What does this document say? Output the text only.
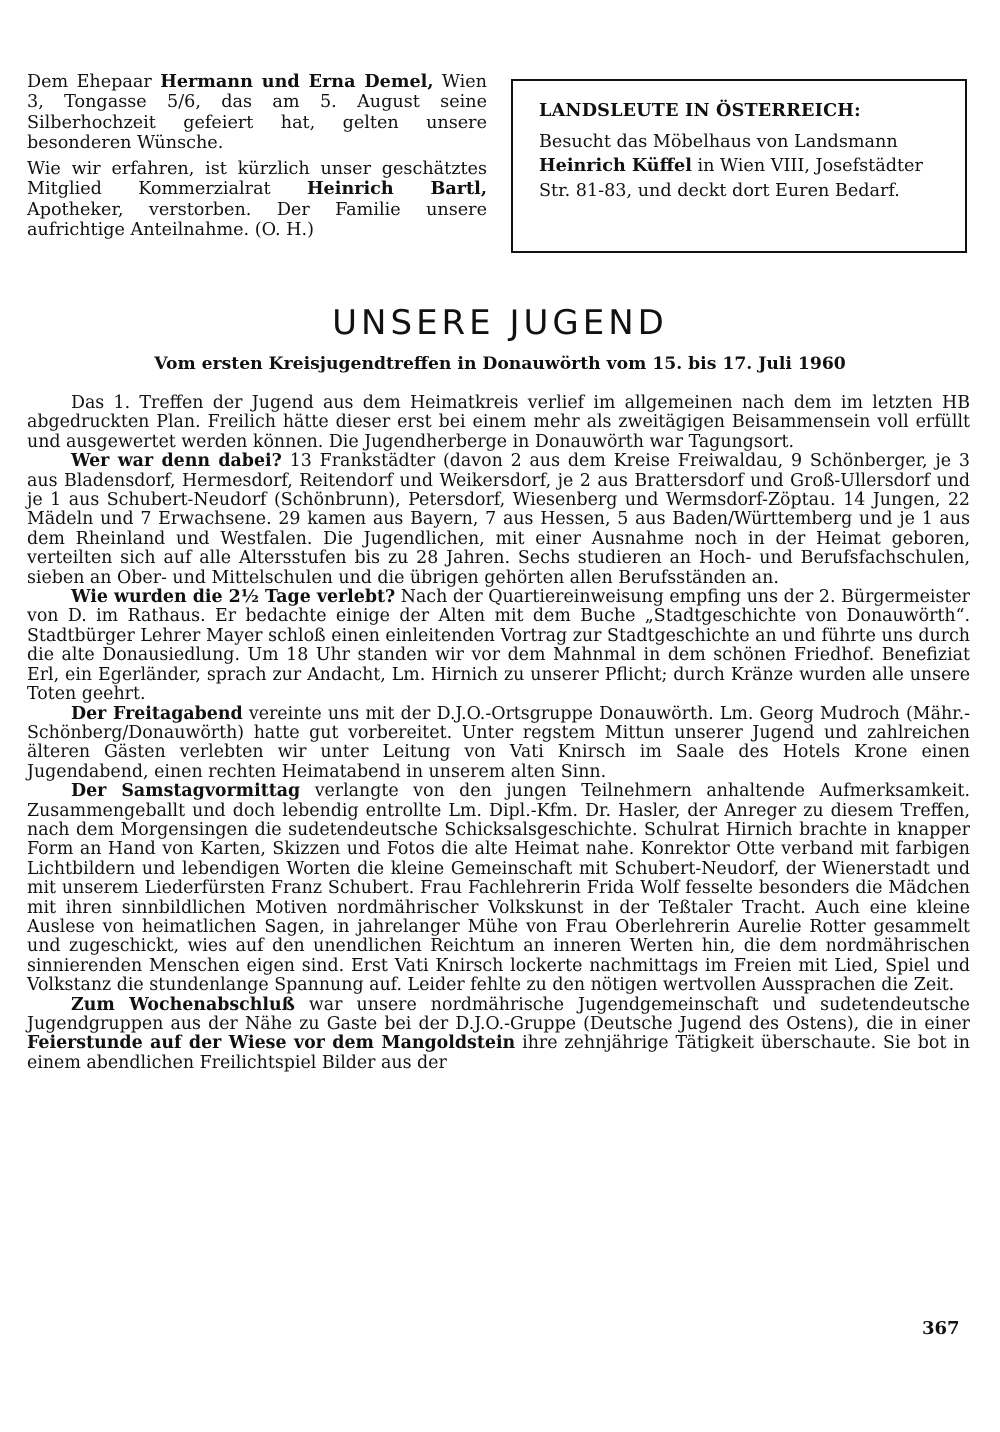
Dem Ehepaar Hermann und Erna Demel, Wien 3, Tongasse 5/6, das am 5. August seine Silberhochzeit gefeiert hat, gelten unsere besonderen Wünsche.

Wie wir erfahren, ist kürzlich unser geschätztes Mitglied Kommerzialrat Heinrich Bartl, Apotheker, verstorben. Der Familie unsere aufrichtige Anteilnahme. (O. H.)

LANDSLEUTE IN ÖSTERREICH:
Besucht das Möbelhaus von Landsmann Heinrich Küffel in Wien VIII, Josefstädter Str. 81-83, und deckt dort Euren Bedarf.
UNSERE JUGEND
Vom ersten Kreisjugendtreffen in Donauwörth vom 15. bis 17. Juli 1960

Das 1. Treffen der Jugend aus dem Heimatkreis verlief im allgemeinen nach dem im letzten HB abgedruckten Plan. Freilich hätte dieser erst bei einem mehr als zweitägigen Beisammensein voll erfüllt und ausgewertet werden können. Die Jugendherberge in Donauwörth war Tagungsort.

Wer war denn dabei? 13 Frankstädter (davon 2 aus dem Kreise Freiwaldau, 9 Schönberger, je 3 aus Bladensdorf, Hermesdorf, Reitendorf und Weikersdorf, je 2 aus Brattersdorf und Groß-Ullersdorf und je 1 aus Schubert-Neudorf (Schönbrunn), Petersdorf, Wiesenberg und Wermsdorf-Zöptau. 14 Jungen, 22 Mädeln und 7 Erwachsene. 29 kamen aus Bayern, 7 aus Hessen, 5 aus Baden/Württemberg und je 1 aus dem Rheinland und Westfalen. Die Jugendlichen, mit einer Ausnahme noch in der Heimat geboren, verteilten sich auf alle Altersstufen bis zu 28 Jahren. Sechs studieren an Hoch- und Berufsfachschulen, sieben an Ober- und Mittelschulen und die übrigen gehörten allen Berufsständen an.

Wie wurden die 2½ Tage verlebt? Nach der Quartiereinweisung empfing uns der 2. Bürgermeister von D. im Rathaus. Er bedachte einige der Alten mit dem Buche „Stadtgeschichte von Donauwörth“. Stadtbürger Lehrer Mayer schloß einen einleitenden Vortrag zur Stadtgeschichte an und führte uns durch die alte Donausiedlung. Um 18 Uhr standen wir vor dem Mahnmal in dem schönen Friedhof. Benefiziat Erl, ein Egerländer, sprach zur Andacht, Lm. Hirnich zu unserer Pflicht; durch Kränze wurden alle unsere Toten geehrt.

Der Freitagabend vereinte uns mit der D.J.O.-Ortsgruppe Donauwörth. Lm. Georg Mudroch (Mähr.-Schönberg/Donauwörth) hatte gut vorbereitet. Unter regstem Mittun unserer Jugend und zahlreichen älteren Gästen verlebten wir unter Leitung von Vati Knirsch im Saale des Hotels Krone einen Jugendabend, einen rechten Heimatabend in unserem alten Sinn.

Der Samstagvormittag verlangte von den jungen Teilnehmern anhaltende Aufmerksamkeit. Zusammengeballt und doch lebendig entrollte Lm. Dipl.-Kfm. Dr. Hasler, der Anreger zu diesem Treffen, nach dem Morgensingen die sudetendeutsche Schicksalsgeschichte. Schulrat Hirnich brachte in knapper Form an Hand von Karten, Skizzen und Fotos die alte Heimat nahe. Konrektor Otte verband mit farbigen Lichtbildern und lebendigen Worten die kleine Gemeinschaft mit Schubert-Neudorf, der Wienerstadt und mit unserem Liederfürsten Franz Schubert. Frau Fachlehrerin Frida Wolf fesselte besonders die Mädchen mit ihren sinnbildlichen Motiven nordmährischer Volkskunst in der Teßtaler Tracht. Auch eine kleine Auslese von heimatlichen Sagen, in jahrelanger Mühe von Frau Oberlehrerin Aurelie Rotter gesammelt und zugeschickt, wies auf den unendlichen Reichtum an inneren Werten hin, die dem nordmährischen sinnierenden Menschen eigen sind. Erst Vati Knirsch lockerte nachmittags im Freien mit Lied, Spiel und Volkstanz die stundenlange Spannung auf. Leider fehlte zu den nötigen wertvollen Aussprachen die Zeit.

Zum Wochenabschluß war unsere nordmährische Jugendgemeinschaft und sudetendeutsche Jugendgruppen aus der Nähe zu Gaste bei der D.J.O.-Gruppe (Deutsche Jugend des Ostens), die in einer Feierstunde auf der Wiese vor dem Mangoldstein ihre zehnjährige Tätigkeit überschaute. Sie bot in einem abendlichen Freilichtspiel Bilder aus der

367
